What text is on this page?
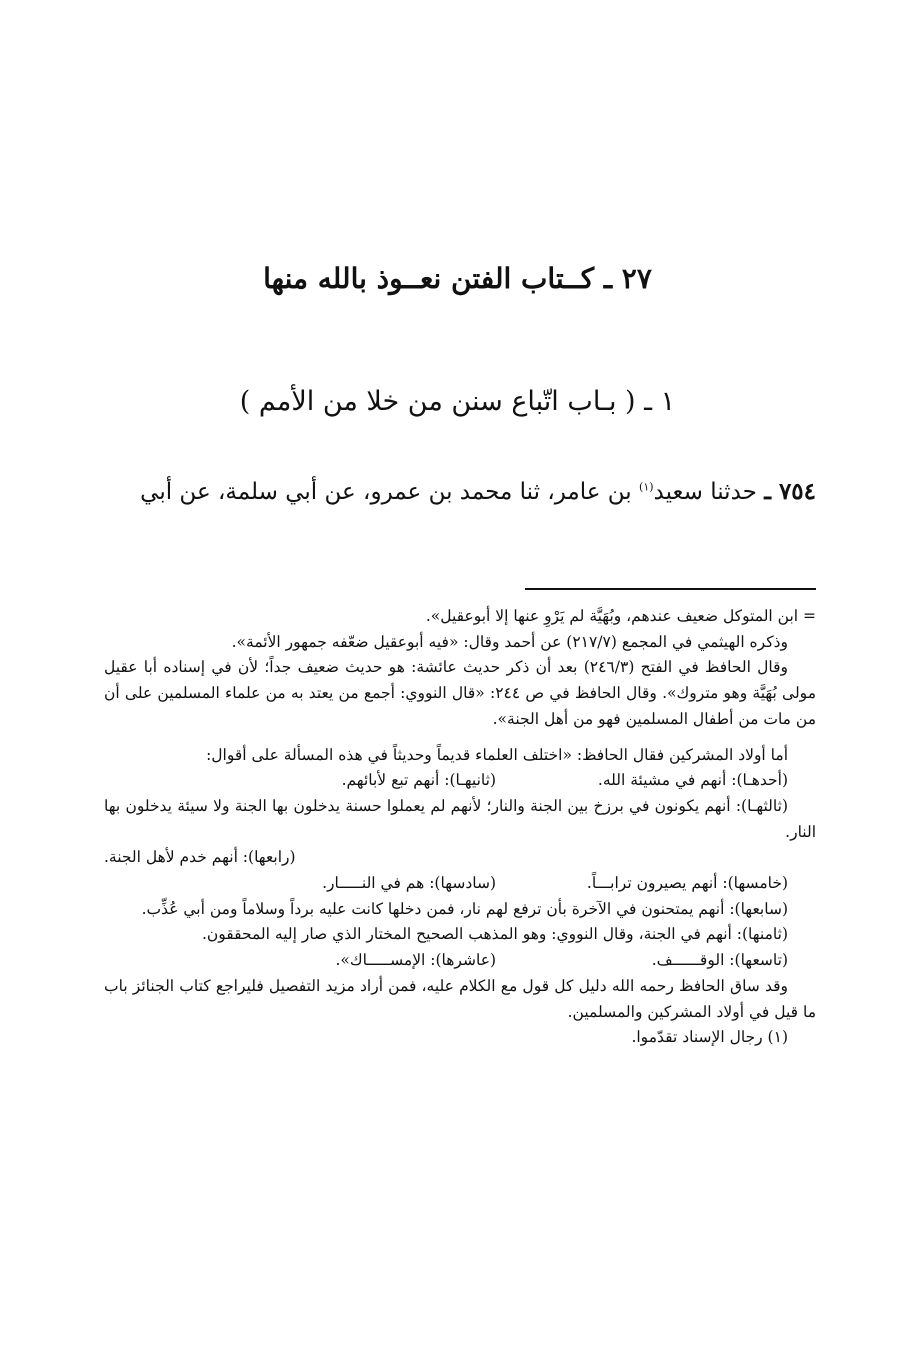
٢٧ ـ كــتاب الفتن نعــوذ بالله منها
١ ـ ( بـاب اتّباع سنن من خلا من الأمم )
٧٥٤ ـ حدثنا سعيد$^{(١)}$ بن عامر، ثنا محمد بن عمرو، عن أبي سلمة، عن أبي

= ابن المتوكل ضعيف عندهم، وبُهَيَّة لم يَرْوِ عنها إلا أبوعقيل».

وذكره الهيثمي في المجمع (٢١٧/٧) عن أحمد وقال: «فيه أبوعقيل ضعّفه جمهور الأئمة».

وقال الحافظ في الفتح (٢٤٦/٣) بعد أن ذكر حديث عائشة: هو حديث ضعيف جداً؛ لأن في إسناده أبا عقيل مولى بُهَيَّة وهو متروك». وقال الحافظ في ص ٢٤٤: «قال النووي: أجمع من يعتد به من علماء المسلمين على أن من مات من أطفال المسلمين فهو من أهل الجنة».

أما أولاد المشركين فقال الحافظ: «اختلف العلماء قديماً وحديثاً في هذه المسألة على أقوال:

(أحدهـا): أنهم في مشيئة الله.
(ثانيهـا): أنهم تبع لأبائهم.

(ثالثهـا): أنهم يكونون في برزخ بين الجنة والنار؛ لأنهم لم يعملوا حسنة يدخلون بها الجنة ولا سيئة يدخلون بها النار.

(رابعها): أنهم خدم لأهل الجنة.

(خامسها): أنهم يصيرون ترابـــاً.
(سادسها): هم في النـــــار.

(سابعها): أنهم يمتحنون في الآخرة بأن ترفع لهم نار، فمن دخلها كانت عليه برداً وسلاماً ومن أبي عُذِّب.

(ثامنها): أنهم في الجنة، وقال النووي: وهو المذهب الصحيح المختار الذي صار إليه المحققون.

(تاسعها): الوقــــــف.
(عاشرها): الإمســـــاك».

وقد ساق الحافظ رحمه الله دليل كل قول مع الكلام عليه، فمن أراد مزيد التفصيل فليراجع كتاب الجنائز باب ما قيل في أولاد المشركين والمسلمين.

(١) رجال الإسناد تقدّموا.
